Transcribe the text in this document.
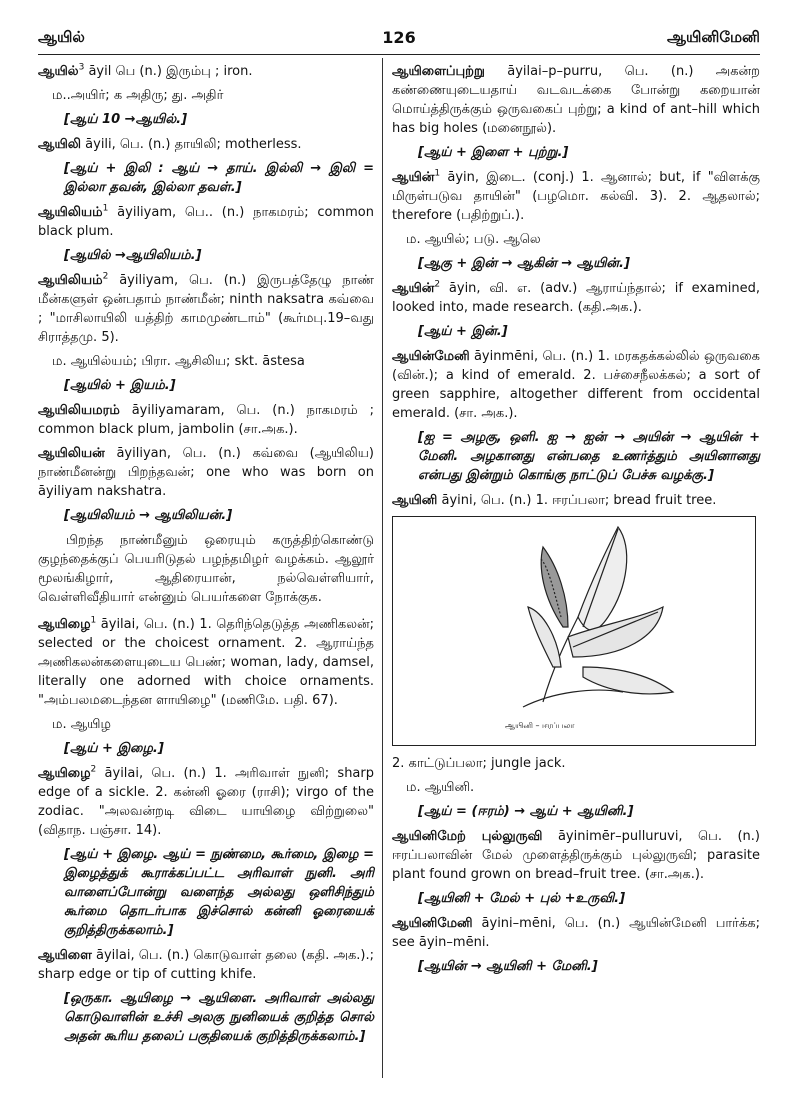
ஆயில்	126	ஆயினிமேனி
ஆயில்$^3$ āyil பெ (n.) இரும்பு ; iron.
ம..அயிர்; க அதிரு; து. அதிர்
[ஆய் 10 →ஆயில்.]
ஆயிலி āyili, பெ. (n.) தாயிலி; motherless.
[ஆய் + இலி : ஆய் → தாய். இல்லி → இலி = இல்லா தவன், இல்லா தவள்.]
ஆயிலியம்$^1$ āyiliyam, பெ.. (n.) நாகமரம்; common black plum.
[ஆயில் →ஆயிலியம்.]
ஆயிலியம்$^2$ āyiliyam, பெ. (n.) இருபத்தேழு நாண் மீன்களுள் ஒன்பதாம் நாண்மீன்; ninth naksatra கவ்வை ; "மாசிலாயிலி யத்திற் காமமுண்டாம்" (கூர்மபு.19–வது சிராத்தமு. 5).
ம. ஆயில்யம்; பிரா. ஆசிலிய; skt. āstesa
[ஆயில் + இயம்.]
ஆயிலியமரம் āyiliyamaram, பெ. (n.) நாகமரம் ; common black plum, jambolin (சா.அக.).
ஆயிலியன் āyiliyan, பெ. (n.) கவ்வை (ஆயிலிய) நாண்மீனன்று பிறந்தவன்; one who was born on āyiliyam nakshatra.
[ஆயிலியம் → ஆயிலியன்.]
பிறந்த நாண்மீனும் ஒரையும் கருத்திற்கொண்டு குழந்தைக்குப் பெயரிடுதல் பழந்தமிழர் வழக்கம். ஆலூர் மூலங்கிழார், ஆதிரையான், நல்வெள்ளியார், வெள்ளிவீதியார் என்னும் பெயர்களை நோக்குக.
ஆயிழை$^1$ āyilai, பெ. (n.) 1. தெரிந்தெடுத்த அணிகலன்; selected or the choicest ornament. 2. ஆராய்ந்த அணிகலன்களையுடைய பெண்; woman, lady, damsel, literally one adorned with choice ornaments. "அம்பலமடைந்தன ளாயிழை" (மணிமே. பதி. 67).
ம. ஆயிழ
[ஆய் + இழை.]
ஆயிழை$^2$ āyilai, பெ. (n.) 1. அரிவாள் நுனி; sharp edge of a sickle. 2. கன்னி ஓரை (ராசி); virgo of the zodiac. "அலவன்றடி விடை யாயிழை விற்றுலை" (விதாந. பஞ்சா. 14).
[ஆய் + இழை. ஆய் = நுண்மை, கூர்மை, இழை = இழைத்துக் கூராக்கப்பட்ட அரிவாள் நுனி. அரி வாளைப்போன்று வளைந்த அல்லது ஒளிசிந்தும் கூர்மை தொடர்பாக இச்சொல் கன்னி ஓரையைக் குறித்திருக்கலாம்.]
ஆயிளை āyilai, பெ. (n.) கொடுவாள் தலை (கதி. அக.).; sharp edge or tip of cutting khife.
[ஒருகா. ஆயிழை → ஆயிளை. அரிவாள் அல்லது கொடுவாளின் உச்சி அலகு நுனியைக் குறித்த சொல் அதன் கூரிய தலைப் பகுதியைக் குறித்திருக்கலாம்.]
ஆயிளைப்புற்று āyilai–p–purru, பெ. (n.) அகன்ற கண்ணையுடையதாய் வடவடக்கை போன்று கறையான் மொய்த்திருக்கும் ஒருவகைப் புற்று; a kind of ant–hill which has big holes (மனைநூல்).
[ஆய் + இளை + புற்று.]
ஆயின்$^1$ āyin, இடை. (conj.) 1. ஆனால்; but, if "விளக்கு மிருள்படுவ தாயின்" (பழமொ. கல்வி. 3). 2. ஆதலால்; therefore (பதிற்றுப்.).
ம. ஆயில்; படு. ஆலெ
[ஆகு + இன் → ஆகின் → ஆயின்.]
ஆயின்$^2$ āyin, வி. எ. (adv.) ஆராய்ந்தால்; if examined, looked into, made research. (கதி.அக.).
[ஆய் + இன்.]
ஆயின்மேனி āyinmēni, பெ. (n.) 1. மரகதக்கல்லில் ஒருவகை (வின்.); a kind of emerald. 2. பச்சைநீலக்கல்; a sort of green sapphire, altogether different from occidental emerald. (சா. அக.).
[ஐ = அழகு, ஒளி. ஐ → ஐன் → அயின் → ஆயின் + மேனி. அழகானது என்பதை உணர்த்தும் அயினானது என்பது இன்றும் கொங்கு நாட்டுப் பேச்சு வழக்கு.]
ஆயினி āyini, பெ. (n.) 1. ஈரப்பலா; bread fruit tree.
ஆயினி – ஈரப்பலா
2. காட்டுப்பலா; jungle jack.
ம. ஆயினி.
[ஆய் = (ஈரம்) → ஆய் + ஆயினி.]
ஆயினிமேற் புல்லுருவி āyinimēr–pulluruvi, பெ. (n.) ஈரப்பலாவின் மேல் முளைத்திருக்கும் புல்லுருவி; parasite plant found grown on bread–fruit tree. (சா.அக.).
[ஆயினி + மேல் + புல் +உருவி.]
ஆயினிமேனி āyini–mēni, பெ. (n.) ஆயின்மேனி பார்க்க; see āyin–mēni.
[ஆயின் → ஆயினி + மேனி.]
